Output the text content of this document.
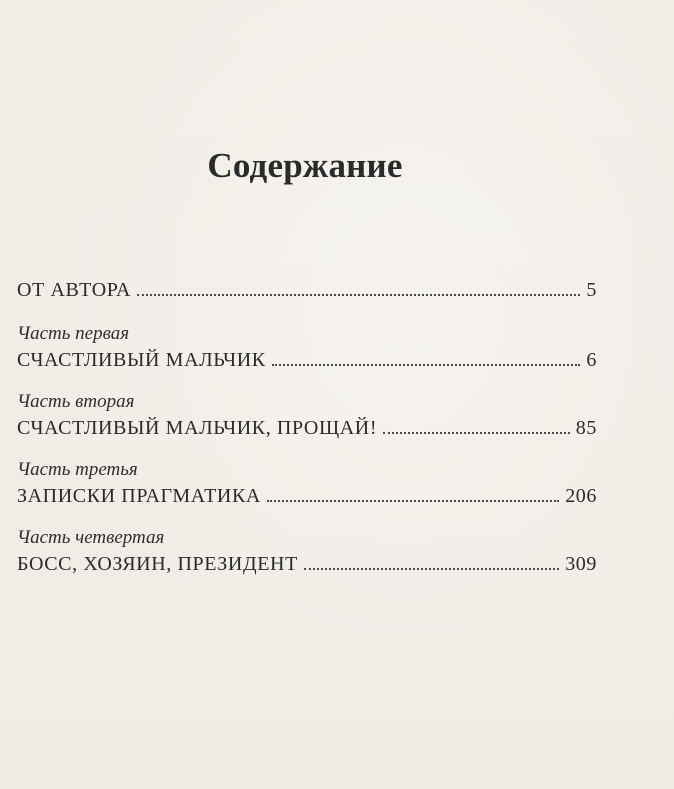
Содержание
ОТ АВТОРА	5
Часть первая
СЧАСТЛИВЫЙ МАЛЬЧИК	6
Часть вторая
СЧАСТЛИВЫЙ МАЛЬЧИК, ПРОЩАЙ!	85
Часть третья
ЗАПИСКИ ПРАГМАТИКА	206
Часть четвертая
БОСС, ХОЗЯИН, ПРЕЗИДЕНТ	309
